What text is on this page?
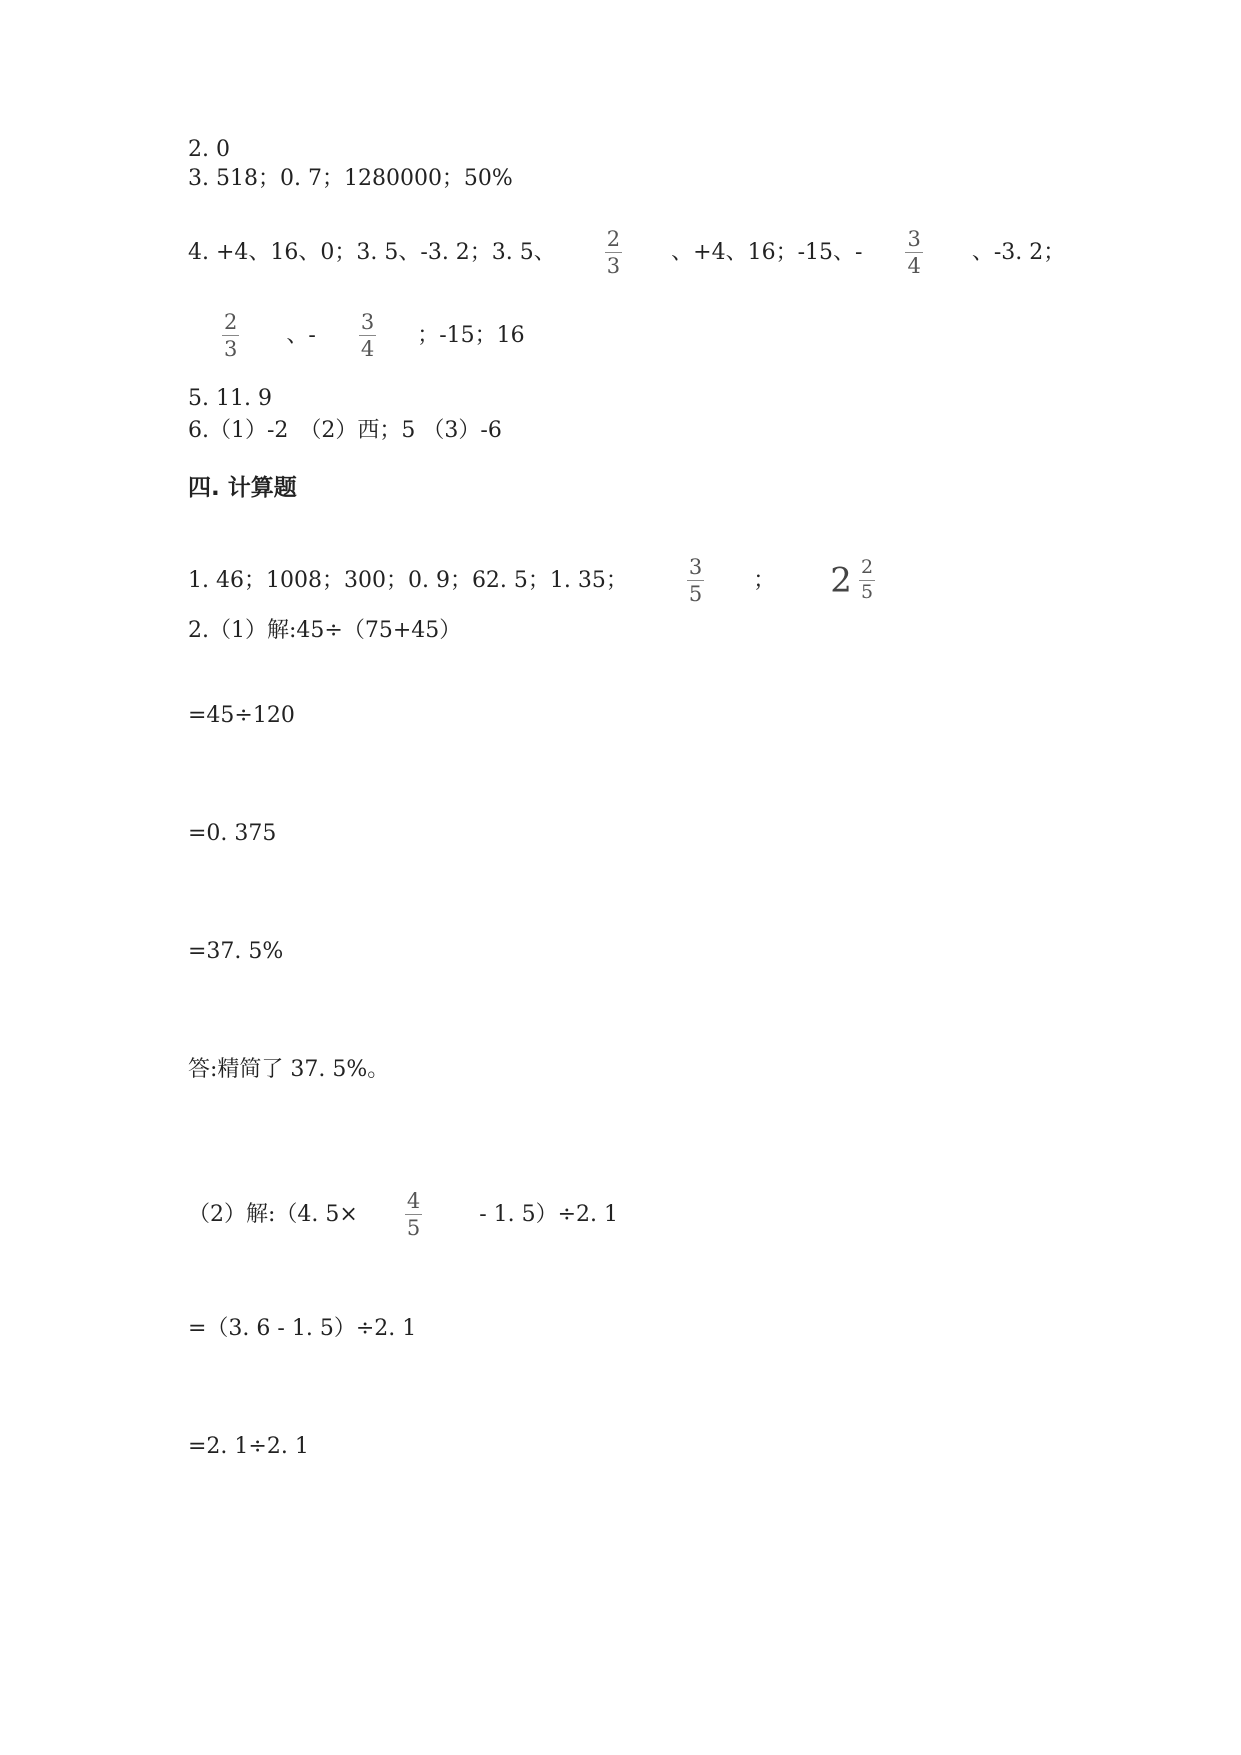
2. 0
3. 518；0. 7；1280000；50%
4. +4、16、0；3. 5、-3. 2；3. 5、 $\frac{2}{3}$ 、+4、16；-15、- $\frac{3}{4}$ 、-3. 2；
$\frac{2}{3}$ 、- $\frac{3}{4}$ ；-15；16
5. 11. 9
6.（1）-2　（2）西；5 （3）-6
四. 计算题
1. 46；1008；300；0. 9；62. 5；1. 35；	$\frac{3}{5}$ ； $2 \frac{2}{5}$
2.（1）解:45÷（75+45）
=45÷120
=0. 375
=37. 5%
答:精简了 37. 5%。
（2）解:（4. $5\times \frac{4}{5}$	- 1. 5）÷2. 1
=（3. 6 - 1. 5）÷2. 1
=2. 1÷2. 1
